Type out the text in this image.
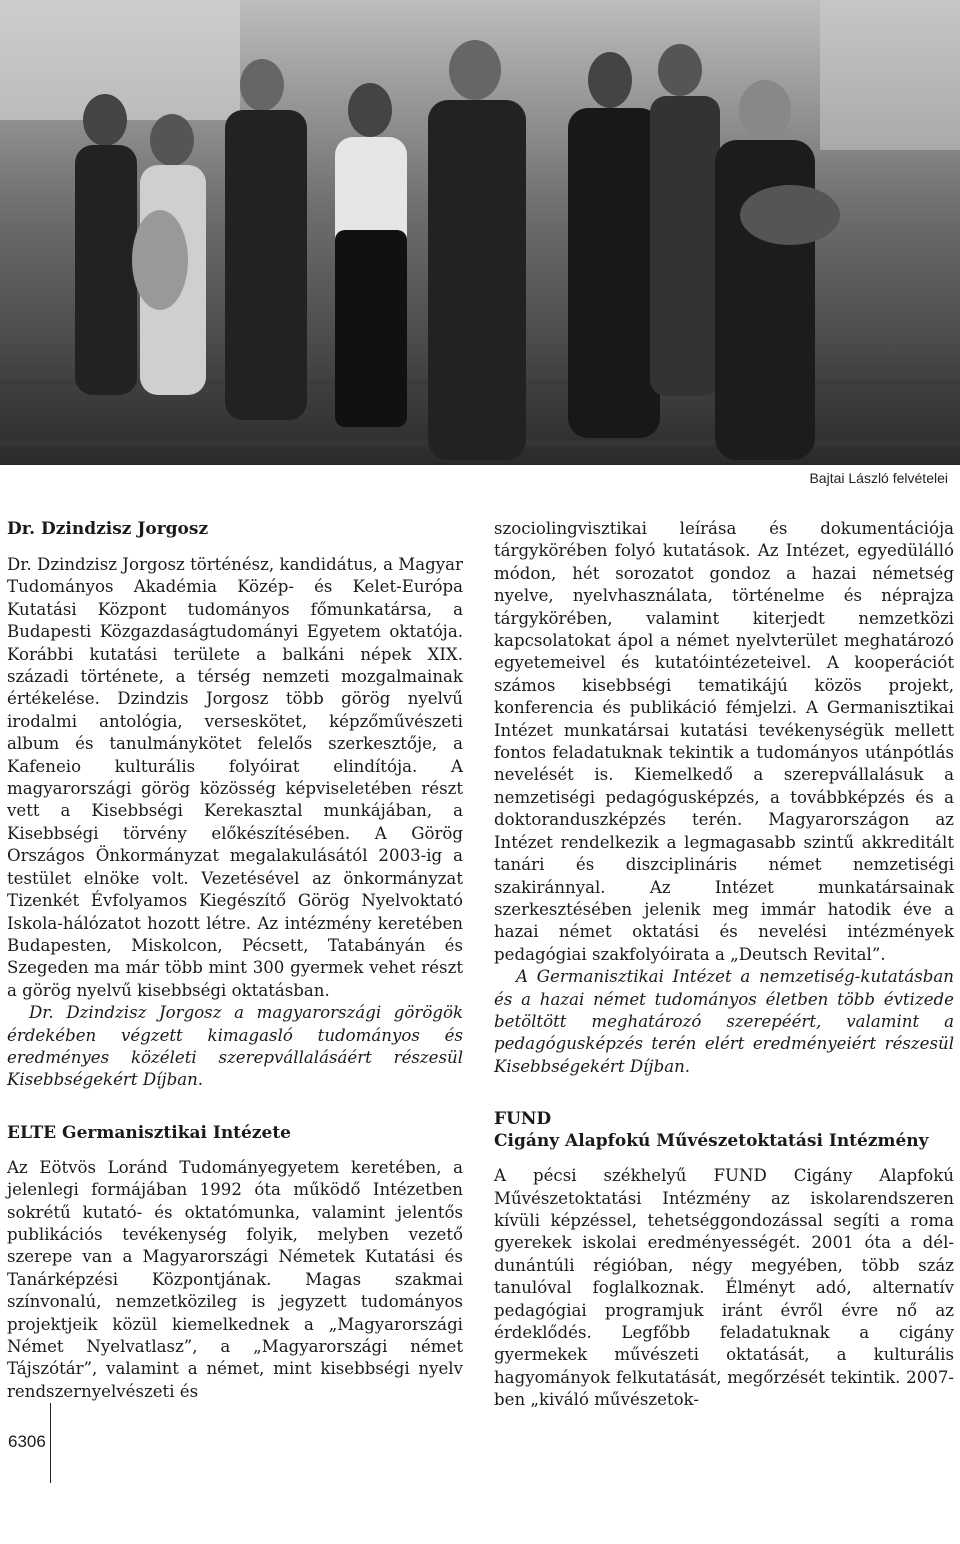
Bajtai László felvételei
Dr. Dzindzisz Jorgosz

Dr. Dzindzisz Jorgosz történész, kandidátus, a Magyar Tudományos Akadémia Közép- és Kelet-Európa Kutatási Központ tudományos főmunkatársa, a Budapesti Közgazdaságtudományi Egyetem oktatója. Korábbi kutatási területe a balkáni népek XIX. századi története, a térség nemzeti mozgalmainak értékelése. Dzindzis Jorgosz több görög nyelvű irodalmi antológia, verseskötet, képzőművészeti album és tanulmánykötet felelős szerkesztője, a Kafeneio kulturális folyóirat elindítója. A magyarországi görög közösség képviseletében részt vett a Kisebbségi Kerekasztal munkájában, a Kisebbségi törvény előkészítésében. A Görög Országos Önkormányzat megalakulásától 2003-ig a testület elnöke volt. Vezetésével az önkormányzat Tizenkét Évfolyamos Kiegészítő Görög Nyelvoktató Iskola-hálózatot hozott létre. Az intézmény keretében Budapesten, Miskolcon, Pécsett, Tatabányán és Szegeden ma már több mint 300 gyermek vehet részt a görög nyelvű kisebbségi oktatásban.

Dr. Dzindzisz Jorgosz a magyarországi görögök érdekében végzett kimagasló tudományos és eredményes közéleti szerepvállalásáért részesül Kisebbségekért Díjban.

ELTE Germanisztikai Intézete

Az Eötvös Loránd Tudományegyetem keretében, a jelenlegi formájában 1992 óta működő Intézetben sokrétű kutató- és oktatómunka, valamint jelentős publikációs tevékenység folyik, melyben vezető szerepe van a Magyarországi Németek Kutatási és Tanárképzési Központjának. Magas szakmai színvonalú, nemzetközileg is jegyzett tudományos projektjeik közül kiemelkednek a „Magyarországi Német Nyelvatlasz”, a „Magyarországi német Tájszótár”, valamint a német, mint kisebbségi nyelv rendszernyelvészeti és

szociolingvisztikai leírása és dokumentációja tárgykörében folyó kutatások. Az Intézet, egyedülálló módon, hét sorozatot gondoz a hazai németség nyelve, nyelvhasználata, történelme és néprajza tárgykörében, valamint kiterjedt nemzetközi kapcsolatokat ápol a német nyelvterület meghatározó egyetemeivel és kutatóintézeteivel. A kooperációt számos kisebbségi tematikájú közös projekt, konferencia és publikáció fémjelzi. A Germanisztikai Intézet munkatársai kutatási tevékenységük mellett fontos feladatuknak tekintik a tudományos utánpótlás nevelését is. Kiemelkedő a szerepvállalásuk a nemzetiségi pedagógusképzés, a továbbképzés és a doktoranduszképzés terén. Magyarországon az Intézet rendelkezik a legmagasabb szintű akkreditált tanári és diszciplináris német nemzetiségi szakiránnyal. Az Intézet munkatársainak szerkesztésében jelenik meg immár hatodik éve a hazai német oktatási és nevelési intézmények pedagógiai szakfolyóirata a „Deutsch Revital”.

A Germanisztikai Intézet a nemzetiség-kutatásban és a hazai német tudományos életben több évtizede betöltött meghatározó szerepéért, valamint a pedagógusképzés terén elért eredményeiért részesül Kisebbségekért Díjban.

FUND
Cigány Alapfokú Művészetoktatási Intézmény

A pécsi székhelyű FUND Cigány Alapfokú Művészetoktatási Intézmény az iskolarendszeren kívüli képzéssel, tehetséggondozással segíti a roma gyerekek iskolai eredményességét. 2001 óta a dél-dunántúli régióban, négy megyében, több száz tanulóval foglalkoznak. Élményt adó, alternatív pedagógiai programjuk iránt évről évre nő az érdeklődés. Legfőbb feladatuknak a cigány gyermekek művészeti oktatását, a kulturális hagyományok felkutatását, megőrzését tekintik. 2007-ben „kiváló művészetok-

6306
